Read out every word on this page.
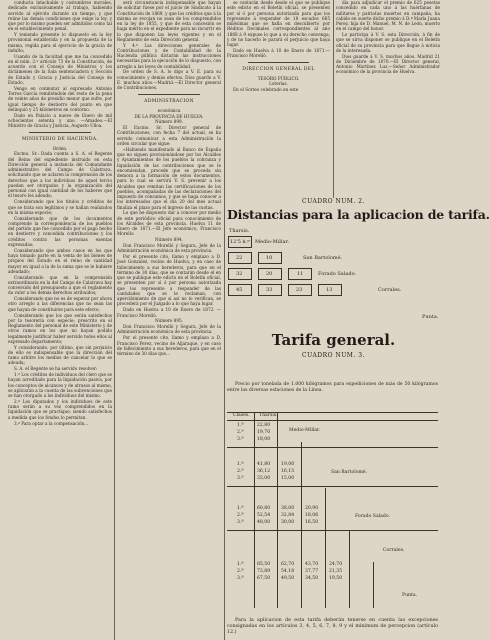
conducta intachable y costumbres morales, dedicado exclusivamente al trabajo, habiendo servido al ejército durante un tiempo, y que reúne las demás condiciones que exige la ley, y que por lo mismo pueden ser admitidos como tal en el establecimiento penal.

Y teniendo presente lo dispuesto en la ley provisional establecida y en la propuesta de la misma, regida para el ejercicio de la gracia de indulto;

Usando de la facultad que me ha concedido en el núm. 2.º artículo 73 de la Constitución, de acuerdo con el Consejo de Ministros y los dictámenes de la Sala sentenciadora y Sección de Estado y Gracia y Justicia del Consejo de Estado,

Vengo en conmutar al expresado Antonio Torres García remitiéndole del resto de la pena de veinte años de presidio menor que sufre, por igual tiempo de destierro del punto en que delinquió y 25 kilómetros en contorno.

Dado en Palacio a nueve de Enero de mil ochocientos setenta y uno. —Amadeo.—El Ministro de Gracia y Justicia, Augusto Ulloa.

MINISTERIO DE HACIENDA.

Orden.

Excmo. Sr.: Dada cuenta a S. A. el Regente del Reino del expediente instruido en esta Dirección general a instancia del Comandante administrativo del Campo de Calatrava, solicitando que se aclaren la comprensión de los derechos que a los individuos de aquel tercio puedan ser otorgados y la organización del personal con igual cantidad de los haberes que el tesoro les adeuda;

Considerando que los títulos y créditos de que se trata son legítimos y se hallan realizados en la misma especie;

Considerando que de los documentos comprende la correspondencia de los pueblos del partido que fue concedido por el pago hecho en destierro y concedida contribuciones y los créditos contra las personas exentas expresadas;

Considerando que ambos casos en los que haya tomado parte en la venta de los bienes de propios del Estado en el reino de cantidad mayor en igual a la de la suma que se le hubiere adeudado;

Considerando que en la comprensión extraordinaria en la del Campo de Calatrava hay conversión del presupuesto a que el reglamento da valor a los demás derechos atribuidos;

Considerando que no es de esperar por ahora otro arreglo a las diferencias que no sean las que hayan de constituirse para este efecto;

Considerando que los que serán satisfechos por la tesorería con especie; prescrito en el Reglamento del personal de este Ministerio y de otros ramos en los que no hayan podido legalmente justificar haber servido todos ellos al expresado departamento;

Y considerando, por último, que sin perjuicio de ello es indispensable que la dirección del ramo arbitre los medios de cancelar lo que se adeuda;

S. A. el Regente se ha servido resolver:

1.º Los créditos de individuos del clero que se hayan acreditado para la liquidación pasiva, por los conceptos de alcances y de atrasos al mismo, se aplicarán a la cuenta de las subvenciones que se han otorgado a los individuos del mismo.

2.º Los diputados y los individuos de este ramo serán a su vez comprendidos en la liquidación que se practique, siendo satisfechos a medida que los fondos lo permitan.

3.º Para optar a la compensación...

será circunstancia indispensable que hayan de solicitar fuese por el juicio de Sindicato á la Constitución de 1869, y que los créditos que á la misma se recojan no sean de los comprendidos en la ley de 1855, y que de esta concesión se haga mérito en el expediente para no incurrir en lo que disponen las leyes vigentes y en el Reglamento de esta Dirección general.

Y 4.º Las direcciones generales de Contribuciones y de Contabilidad de la Hacienda pública dictarán las instrucciones necesarias para la ejecución de lo dispuesto, con arreglo a las leyes de contabilidad.

De orden de S. A. lo digo a V. E. para su conocimiento y demás efectos. Dios guarde a V. E. muchos años.—Madrid.—El Director general de Contribuciones.

ADMINISTRACION

económica

DE LA PROVINCIA DE HUELVA.

Número 899.

El Excmo. Sr. Director general de Contribuciones, con fecha 7 del actual, se ha servido comunicar a esta Administración la orden circular que sigue:

«Habiendo manifestado al Banco de España que no siguen provisionándose por los Alcaldes y Ayuntamientos de los pueblos la cobranza y liquidación de las contribuciones que se le encomiendan, procede que se proceda sin demora a la formación de estos documentos, para lo cual se servirá V. S. prevenir a los Alcaldes que remitan las certificaciones de los pueblos, acompañadas de las declaraciones del impuesto de consumos, y que se haga conocer a los interesados que el día 20 del mes actual finaliza el plazo para el ingreso de las cuotas.

Lo que he dispuesto dar a conocer por medio de este periódico oficial para conocimiento de los Alcaldes de esta provincia. Huelva 11 de Enero de 1871.—El Jefe económico, Francisco Morello.

Número 894.

Don Francisco Morelló y Segura, Jefe de la Administración económica de esta provincia.

Por el presente cito, llamo y emplazo a D. José Gonzalez, vecino de Huelva, y en caso de fallecimiento a sus herederos, para que en el término de 30 días, que se contarán desde el en que se publique este edicto en el Boletín oficial, se presenten por sí ó por persona autorizada que los represente a responder de las cantidades que se le reclaman, con apercibimiento de que si así no lo verifican, se procederá por el Juzgado a lo que haya lugar.

Dado en Huelva a 10 de Enero de 1872. —Francisco Morelló.

Número 895.

Don Francisco Morelló y Segura, Jefe de la Administración económica de esta provincia.

Por el presente cito, llamo y emplazo a D. Francisco Perez, vecino de Aljaraque, y en caso de fallecimiento a sus herederos, para que en el término de 30 días que...

se contarán desde desde el que se publique este edicto en el Boletín oficial, se presenten por sí ó por persona autorizada para que los represente á responder de 18 escudos 665 milésimas que se halla en descubierto por Réditos Decimales correspondientes al año 1868 á 9 expuse lo que a su derecho convenga; y de no hacerlo le parará el perjuicio que haya lugar.

Dado en Huelva á 10 de Enero de 1871.—Francisco Morelló.

DIRECCION GENERAL DEL

TESORO PÚBLICO.

Loterías.

En el Sorteo celebrado en este

día para adjudicar el premio de 625 pesetas concedido en cada uno á las huérfanas de militares y patriotas muertos en campaña, ha cabido en suerte dicho premio á D.ª María Juana Perez, hija de D. Manuel, M. N. de León, muerto en el campo del honor.

Lo participa á V. S. esta Dirección, á fin de que se sirva disponer se publique en el Boletín oficial de su provincia para que llegue á noticia de la interesada.

Dios guarde á V. S. muchos años. Madrid 21 de Diciembre de 1870.—El Director general, Antonio Martínez Luz.—Señor Administrador económico de la provincia de Huelva.

CUADRO NUM. 2.
Distancias para la aplicacion de tarifa.
Tharsis.
12'5 k.ᵐ Medio-Millar.
22	10	San Bartolomé.
32	20	11	Forado Salado.
45	33	23	13	Corrales.
Punta.
Tarifa general.
CUADRO NUM. 3.
Precio por tonelada de 1.000 kilógramos para expediciones de más de 50 kilógramos entre las diversas estaciones de la Línea.
Clases. Tharsis.
Medio-Millar.
San Bartolomé.
Forado Salado.
Corrales.
Punta.
1.ª	22,80
2.ª	19,70
3.ª	18,00
1.ª	41,80 19,00
2.ª	36,12 16,15
3.ª	33,00 15,00
1.ª	60,80 38,00 20,90
2.ª	52,54 32,84 18,06
3.ª	48,00 30,00 16,50
1.ª	85,50 62,70 43,70 24,70
2.ª	73,89 54,18 37,77 21,35
3.ª	67,50 49,50 34,50 19,50
Para la aplicacion de esta tarifa deberán tenerse en cuenta las excepciones consignadas en los artículos 3, 4, 5, 6, 7, 8, 9 y el mínimum de percepcion (artículo 12.)
